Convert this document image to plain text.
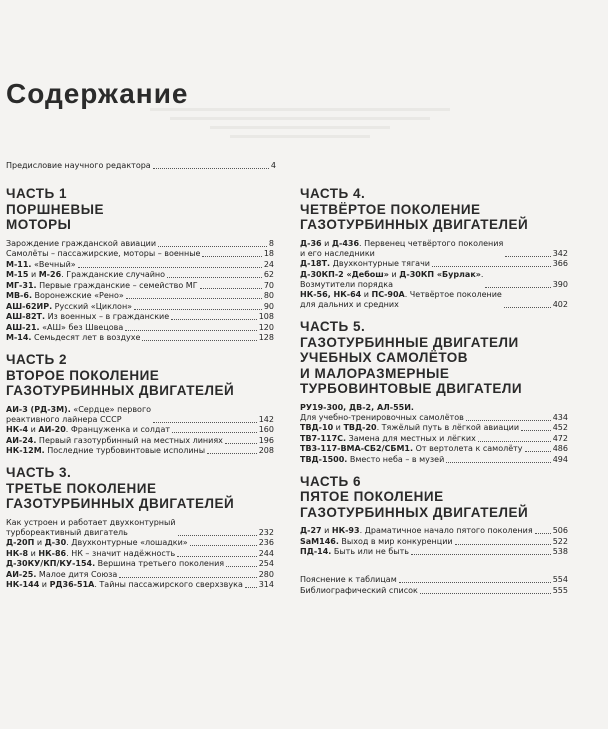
Содержание
Предисловие научного редактора	4
ЧАСТЬ 1
ПОРШНЕВЫЕ
МОТОРЫ
Зарождение гражданской авиации	8
Самолёты – пассажирские, моторы – военные	18
М-11. «Вечный»	24
М-15 и М-26. Гражданские случайно	62
МГ-31. Первые гражданские – семейство МГ	70
МВ-6. Воронежские «Рено»	80
АШ-62ИР. Русский «Циклон»	90
АШ-82Т. Из военных – в гражданские	108
АШ-21. «АШ» без Швецова	120
М-14. Семьдесят лет в воздухе	128
ЧАСТЬ 2
ВТОРОЕ ПОКОЛЕНИЕ
ГАЗОТУРБИННЫХ ДВИГАТЕЛЕЙ
АИ-3 (РД-3М). «Сердце» первого
реактивного лайнера СССР	142
НК-4 и АИ-20. Француженка и солдат	160
АИ-24. Первый газотурбинный на местных линиях	196
НК-12М. Последние турбовинтовые исполины	208
ЧАСТЬ 3.
ТРЕТЬЕ ПОКОЛЕНИЕ
ГАЗОТУРБИННЫХ ДВИГАТЕЛЕЙ
Как устроен и работает двухконтурный
турбореактивный двигатель	232
Д-20П и Д-30. Двухконтурные «лошадки»	236
НК-8 и НК-86. НК – значит надёжность	244
Д-30КУ/КП/КУ-154. Вершина третьего поколения	254
АИ-25. Малое дитя Союза	280
НК-144 и РД36-51А. Тайны пассажирского сверхзвука 314
ЧАСТЬ 4.
ЧЕТВЁРТОЕ ПОКОЛЕНИЕ
ГАЗОТУРБИННЫХ ДВИГАТЕЛЕЙ
Д-36 и Д-436. Первенец четвёртого поколения
и его наследники	342
Д-18Т. Двухконтурные тягачи	366
Д-30КП-2 «Дебош» и Д-30КП «Бурлак».
Возмутители порядка	390
НК-56, НК-64 и ПС-90А. Четвёртое поколение
для дальних и средних	402
ЧАСТЬ 5.
ГАЗОТУРБИННЫЕ ДВИГАТЕЛИ
УЧЕБНЫХ САМОЛЁТОВ
И МАЛОРАЗМЕРНЫЕ
ТУРБОВИНТОВЫЕ ДВИГАТЕЛИ
РУ19-300, ДВ-2, АЛ-55И.
Для учебно-тренировочных самолётов	434
ТВД-10 и ТВД-20. Тяжёлый путь в лёгкой авиации	452
ТВ7-117С. Замена для местных и лёгких	472
ТВ3-117-ВМА-СБ2/СБМ1. От вертолета к самолёту	486
ТВД-1500. Вместо неба – в музей	494
ЧАСТЬ 6
ПЯТОЕ ПОКОЛЕНИЕ
ГАЗОТУРБИННЫХ ДВИГАТЕЛЕЙ
Д-27 и НК-93. Драматичное начало пятого поколения	506
SaM146. Выход в мир конкуренции	522
ПД-14. Быть или не быть	538
Пояснение к таблицам	554
Библиографический список	555
